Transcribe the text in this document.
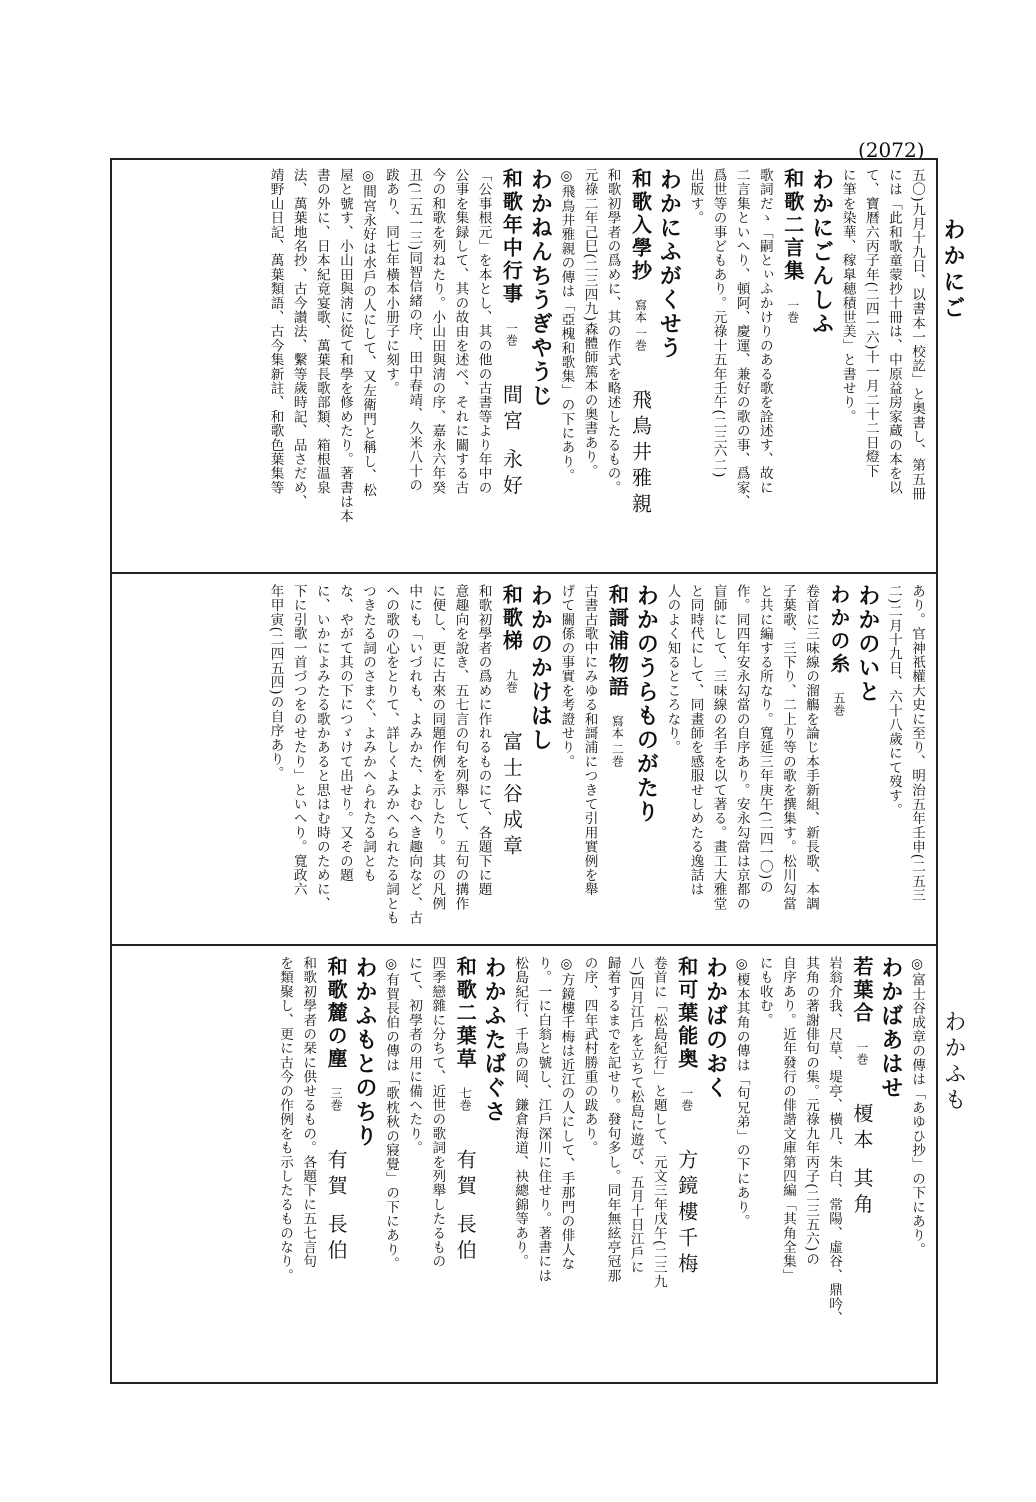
(2072)
わかにご
わかふも
五〇)九月十九日、以書本一校訖」と奥書し、第五冊
には「此和歌童蒙抄十冊は、中原益房家蔵の本を以
て、寶暦六丙子年(二四一六)十一月二十二日燈下
に筆を染華、稼臯穂積世美」と書せり。
わかにごんしふ
和歌二言集一巻
歌詞だゝ「嗣とぃふかけりのある歌を詮述す、故に
二言集といへり、頓阿、慶運、兼好の歌の事、爲家、
爲世等の事どもあり。元祿十五年壬午(二三六二)
出版す。
わかにふがくせう
和歌入學抄寫本 一巻飛鳥井雅親
和歌初學者の爲めに、其の作式を略述したるもの。
元祿二年己巳(二三四九)森體師篤本の奥書あり。
◎飛鳥井雅親の傳は「亞槐和歌集」の下にあり。
わかねんちうぎやうじ
和歌年中行事一巻間宮 永好
「公事根元」を本とし、其の他の古書等より年中の
公事を集録して、其の故由を述べ、それに關する古
今の和歌を列ねたり。小山田與淸の序、嘉永六年癸
丑(二五一三)同智信緒の序、田中春靖、久米八十の
跋あり、同七年橫本小册子に刻す。
◎間宮永好は水戶の人にして、又左衛門と稱し、松
屋と號す、小山田與淸に從て和學を修めたり。著書は本
書の外に、日本紀竟宴歌、萬葉長歌部類、箱根温泉
法、萬葉地名抄、古今讃法、繫等歲時記、品さだめ、
靖野山日記、萬葉類語、古今集新註、和歌色葉集等
あり。官神祇權大史に至り、明治五年壬申(二五三
二)二月十九日、六十八歲にて歿す。
わかのいと
わかの糸五巻
卷首に三味線の溜觴を論じ本手新組、新長歌、本調
子葉歌、三下り、二上り等の歌を撰集す。松川勾當
と共に編する所なり。寬延三年庚午(二四一〇)の
作。同四年安永勾當の自序あり。安永勾當は京都の
盲師にして、三味線の名手を以て著る。畫工大雅堂
と同時代にして、同畫師を感服せしめたる逸話は
人のよく知るところなり。
わかのうらものがたり
和謌浦物語寫本 二巻
古書古歌中にみゆる和謌浦につきて引用實例を舉
げて關係の事實を考證せり。
わかのかけはし
和歌梯九巻富士谷成章
和歌初學者の爲めに作れるものにて、各題下に題
意趣向を說き、五七言の句を列舉して、五句の搆作
に便し、更に古來の同題作例を示したり。其の凡例
中にも「いづれも、よみかた、よむへき趣向など、古
への歌の心をとりて、詳しくよみかへられたる詞とも
つきたる詞のさまぐ、よみかへられたる詞とも
な、やがて其の下につゞけて出せり。又その題
に、いかによみたる歌かあると思はむ時のために、
下に引歌一首づつをのせたり」といへり。寬政六
年甲寅(二四五四)の自序あり。
◎富士谷成章の傳は「あゆひ抄」の下にあり。
わかばあはせ
若葉合一巻榎本 其角
岩翁介我、尺草、堤亭、橫几、朱白、常陽、虛谷、鼎吟、
其角の著謝俳句の集。元祿九年丙子(二三五六)の
自序あり。近年發行の俳諧文庫第四編「其角全集」
にも收む。
◎榎本其角の傳は「句兄弟」の下にあり。
わかばのおく
和可葉能奥一巻方鏡樓千梅
卷首に「松島紀行」と題して、元文三年戊午(二三九
八)四月江戶を立ちて松島に遊び、五月十日江戶に
歸着するまでを記せり。發句多し。同年無絃亭冠那
の序、四年武村勝重の跋あり。
◎方鏡樓千梅は近江の人にして、手那門の俳人な
り。一に白翁と號し、江戶深川に住せり。著書には
松島紀行、千鳥の岡、鎌倉海道、袂總錦等あり。
わかふたばぐさ
和歌二葉草七巻有賀 長伯
四季戀雜に分ちて、近世の歌詞を列舉したるもの
にて、初學者の用に備へたり。
◎有賀長伯の傳は「歌枕秋の寢覺」の下にあり。
わかふもとのちり
和歌麓の塵三巻有賀 長伯
和歌初學者の栞に供せるもの。各題下に五七言句
を類聚し、更に古今の作例をも示したるものなり。
